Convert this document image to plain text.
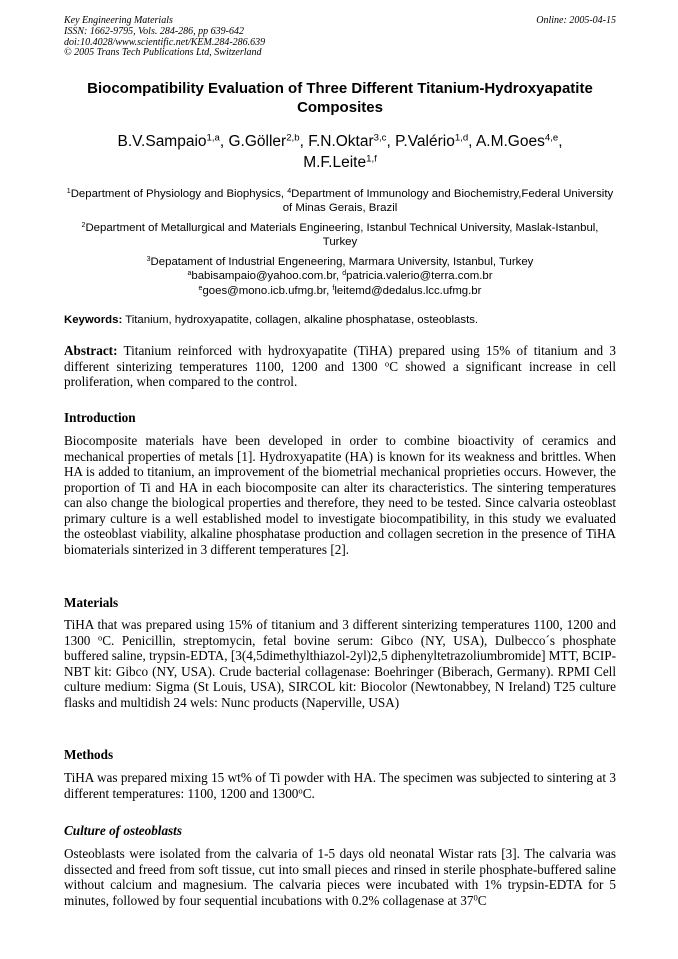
Key Engineering Materials
ISSN: 1662-9795, Vols. 284-286, pp 639-642
doi:10.4028/www.scientific.net/KEM.284-286.639
© 2005 Trans Tech Publications Ltd, Switzerland
Online: 2005-04-15
Biocompatibility Evaluation of Three Different Titanium-Hydroxyapatite Composites
B.V.Sampaio$^{1,a}$, G.Göller$^{2,b}$, F.N.Oktar$^{3,c}$, P.Valério$^{1,d}$, A.M.Goes$^{4,e}$,
M.F.Leite$^{1,f}$
$^1$Department of Physiology and Biophysics, $^4$Department of Immunology and Biochemistry,Federal University of Minas Gerais, Brazil
$^2$Department of Metallurgical and Materials Engineering, Istanbul Technical University, Maslak-Istanbul, Turkey
$^3$Depatament of Industrial Engeneering, Marmara University, Istanbul, Turkey
$^a$babisampaio@yahoo.com.br, $^d$patricia.valerio@terra.com.br
$^e$goes@mono.icb.ufmg.br, $^f$leitemd@dedalus.lcc.ufmg.br
Keywords: Titanium, hydroxyapatite, collagen, alkaline phosphatase, osteoblasts.
Abstract: Titanium reinforced with hydroxyapatite (TiHA) prepared using 15% of titanium and 3 different sinterizing temperatures 1100, 1200 and 1300 $^o$C showed a significant increase in cell proliferation, when compared to the control.
Introduction
Biocomposite materials have been developed in order to combine bioactivity of ceramics and mechanical properties of metals [1]. Hydroxyapatite (HA) is known for its weakness and brittles. When HA is added to titanium, an improvement of the biometrial mechanical proprieties occurs. However, the proportion of Ti and HA in each biocomposite can alter its characteristics. The sintering temperatures can also change the biological properties and therefore, they need to be tested. Since calvaria osteoblast primary culture is a well established model to investigate biocompatibility, in this study we evaluated the osteoblast viability, alkaline phosphatase production and collagen secretion in the presence of TiHA biomaterials sinterized in 3 different temperatures [2].
Materials
TiHA that was prepared using 15% of titanium and 3 different sinterizing temperatures 1100, 1200 and 1300 $^o$C. Penicillin, streptomycin, fetal bovine serum: Gibco (NY, USA), Dulbecco´s phosphate buffered saline, trypsin-EDTA, [3(4,5dimethylthiazol-2yl)2,5 diphenyltetrazoliumbromide] MTT, BCIP-NBT kit: Gibco (NY, USA). Crude bacterial collagenase: Boehringer (Biberach, Germany). RPMI Cell culture medium: Sigma (St Louis, USA), SIRCOL kit: Biocolor (Newtonabbey, N Ireland) T25 culture flasks and multidish 24 wels: Nunc products (Naperville, USA)
Methods
TiHA was prepared mixing 15 wt% of Ti powder with HA. The specimen was subjected to sintering at 3 different temperatures: 1100, 1200 and 1300$^o$C.
Culture of osteoblasts
Osteoblasts were isolated from the calvaria of 1-5 days old neonatal Wistar rats [3]. The calvaria was dissected and freed from soft tissue, cut into small pieces and rinsed in sterile phosphate-buffered saline without calcium and magnesium. The calvaria pieces were incubated with 1% trypsin-EDTA for 5 minutes, followed by four sequential incubations with 0.2% collagenase at $37^0C$
